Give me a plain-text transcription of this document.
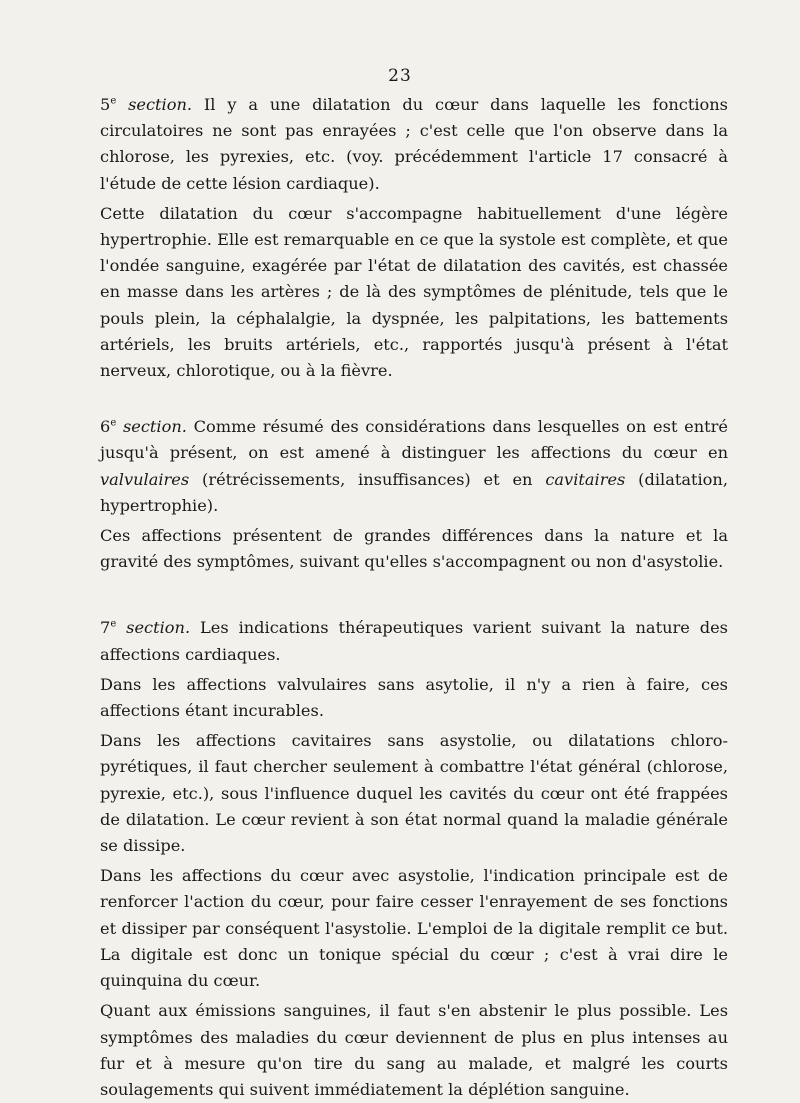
23

5e section. Il y a une dilatation du cœur dans laquelle les fonctions circulatoires ne sont pas enrayées ; c'est celle que l'on observe dans la chlorose, les pyrexies, etc. (voy. précédemment l'article 17 consacré à l'étude de cette lésion cardiaque).

Cette dilatation du cœur s'accompagne habituellement d'une légère hypertrophie. Elle est remarquable en ce que la systole est complète, et que l'ondée sanguine, exagérée par l'état de dilatation des cavités, est chassée en masse dans les artères ; de là des symptômes de plénitude, tels que le pouls plein, la céphalalgie, la dyspnée, les palpitations, les battements artériels, les bruits artériels, etc., rapportés jusqu'à présent à l'état nerveux, chlorotique, ou à la fièvre.

6e section. Comme résumé des considérations dans lesquelles on est entré jusqu'à présent, on est amené à distinguer les affections du cœur en valvulaires (rétrécissements, insuffisances) et en cavitaires (dilatation, hypertrophie).

Ces affections présentent de grandes différences dans la nature et la gravité des symptômes, suivant qu'elles s'accompagnent ou non d'asystolie.

7e section. Les indications thérapeutiques varient suivant la nature des affections cardiaques.

Dans les affections valvulaires sans asytolie, il n'y a rien à faire, ces affections étant incurables.

Dans les affections cavitaires sans asystolie, ou dilatations chloro-pyrétiques, il faut chercher seulement à combattre l'état général (chlorose, pyrexie, etc.), sous l'influence duquel les cavités du cœur ont été frappées de dilatation. Le cœur revient à son état normal quand la maladie générale se dissipe.

Dans les affections du cœur avec asystolie, l'indication principale est de renforcer l'action du cœur, pour faire cesser l'enrayement de ses fonctions et dissiper par conséquent l'asystolie. L'emploi de la digitale remplit ce but. La digitale est donc un tonique spécial du cœur ; c'est à vrai dire le quinquina du cœur.

Quant aux émissions sanguines, il faut s'en abstenir le plus possible. Les symptômes des maladies du cœur deviennent de plus en plus intenses au fur et à mesure qu'on tire du sang au malade, et malgré les courts soulagements qui suivent immédiatement la déplétion sanguine.
